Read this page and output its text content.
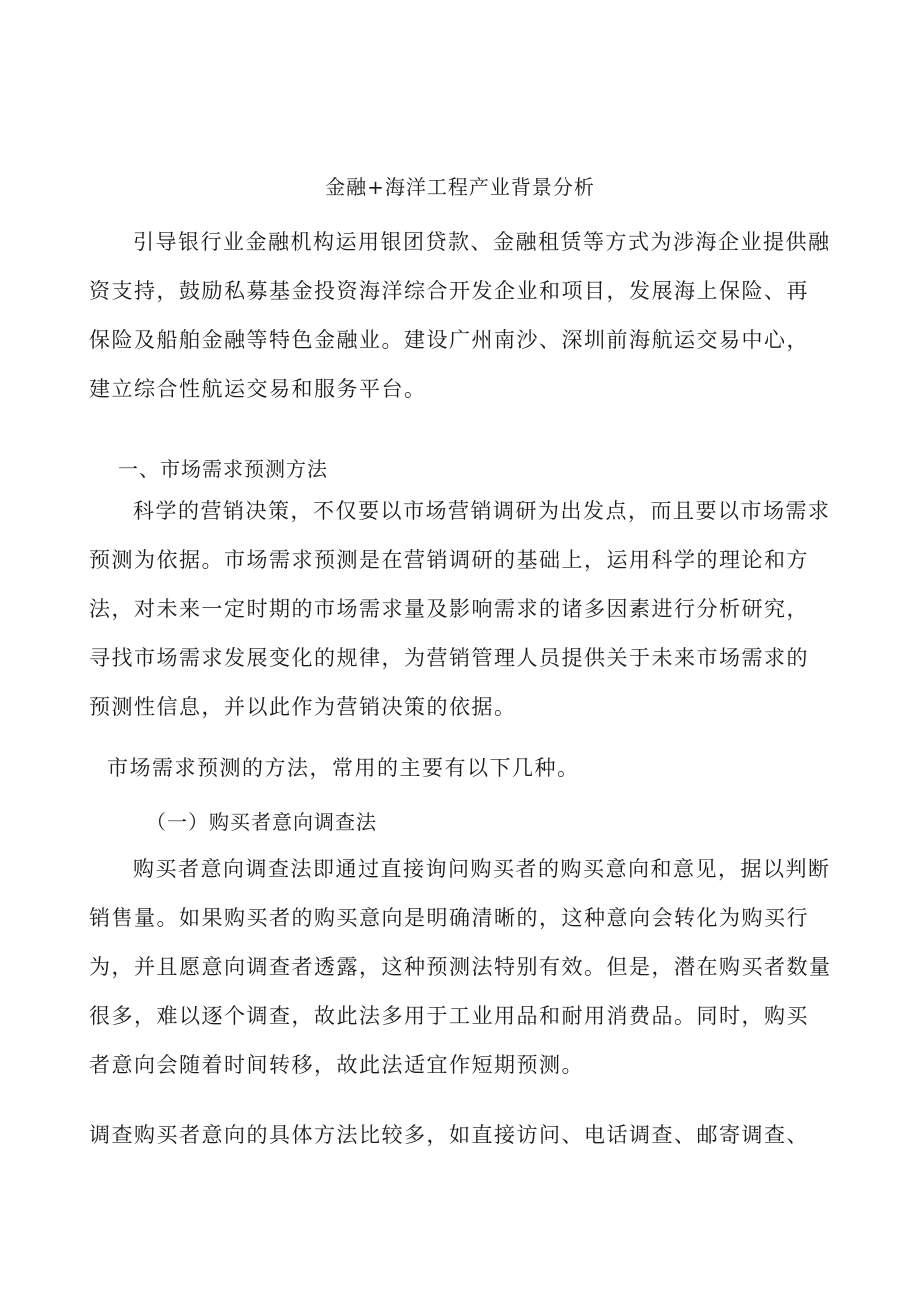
金融+海洋工程产业背景分析
引导银行业金融机构运用银团贷款、金融租赁等方式为涉海企业提供融
资支持，鼓励私募基金投资海洋综合开发企业和项目，发展海上保险、再
保险及船舶金融等特色金融业。建设广州南沙、深圳前海航运交易中心，
建立综合性航运交易和服务平台。
一、市场需求预测方法
科学的营销决策，不仅要以市场营销调研为出发点，而且要以市场需求
预测为依据。市场需求预测是在营销调研的基础上，运用科学的理论和方
法，对未来一定时期的市场需求量及影响需求的诸多因素进行分析研究，
寻找市场需求发展变化的规律，为营销管理人员提供关于未来市场需求的
预测性信息，并以此作为营销决策的依据。
市场需求预测的方法，常用的主要有以下几种。
（一）购买者意向调查法
购买者意向调查法即通过直接询问购买者的购买意向和意见，据以判断
销售量。如果购买者的购买意向是明确清晰的，这种意向会转化为购买行
为，并且愿意向调查者透露，这种预测法特别有效。但是，潜在购买者数量
很多，难以逐个调查，故此法多用于工业用品和耐用消费品。同时，购买
者意向会随着时间转移，故此法适宜作短期预测。
调查购买者意向的具体方法比较多，如直接访问、电话调查、邮寄调查、
